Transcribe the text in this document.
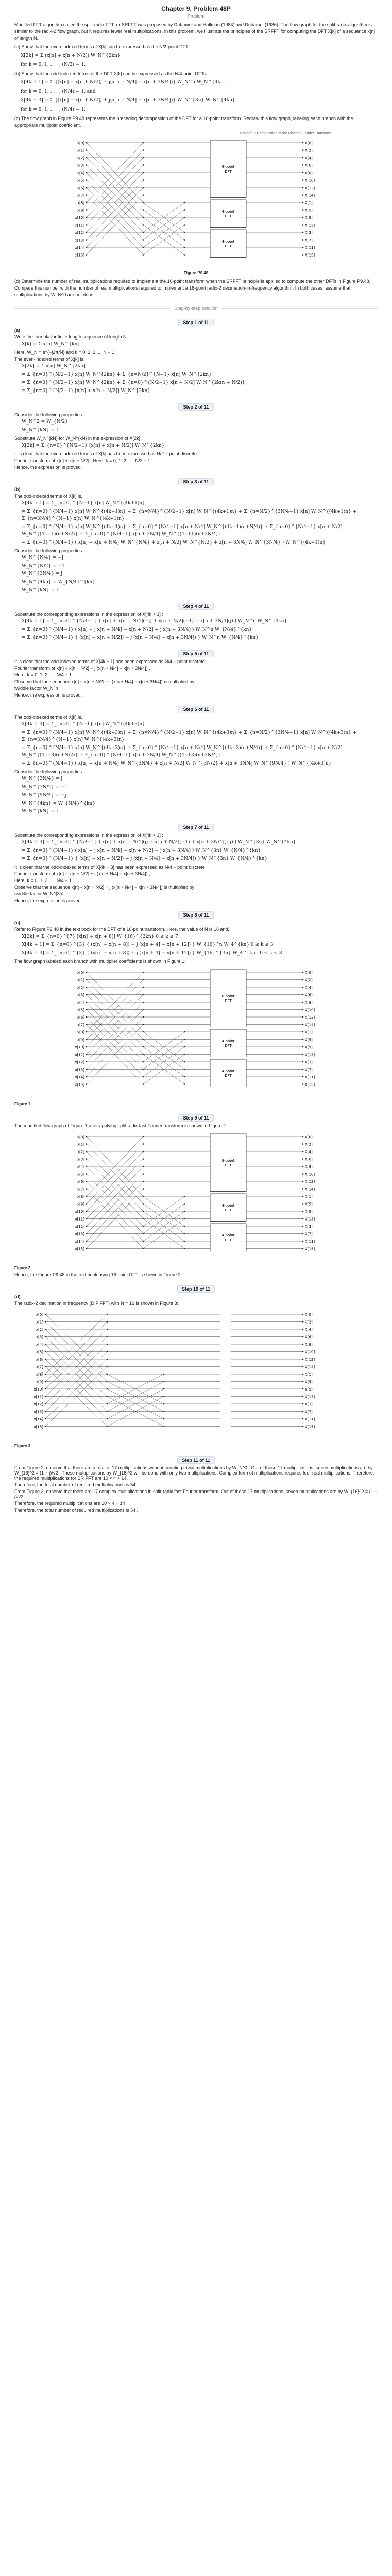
Chapter 9, Problem 48P
Problem

Modified FFT algorithm called the split-radix FFT, or SRFFT was proposed by Duhamel and Hollman (1984) and Duhamel (1986). The flow graph for the split-radix algorithm is similar to the radix-2 flow graph, but it requires fewer real multiplications. In this problem, we illustrate the principles of the SRFFT for computing the DFT X[k] of a sequence x[n] of length N.

(a) Show that the even-indexed terms of X[k] can be expressed as the N/2-point DFT

X[2k] = Σ (x[n] + x[n + N/2]) W_N^{2kn}
for k = 0, 1, . . . , (N/2) − 1.

(b) Show that the odd-indexed terms of the DFT X[k] can be expressed as the N/4-point DFTs

X[4k + 1] = Σ {(x[n] − x[n + N/2]) − j(x[n + N/4] − x[n + 3N/4])} W_N^n W_N^{4kn}
for k = 0, 1, . . . , (N/4) − 1, and
X[4k + 3] = Σ {(x[n] − x[n + N/2]) + j(x[n + N/4] − x[n + 3N/4])} W_N^{3n} W_N^{4kn}
for k = 0, 1, . . . , (N/4) − 1.

(c) The flow graph in Figure P9.48 represents the preceding decomposition of the DFT for a 16-point transform. Redraw this flow graph, labeling each branch with the appropriate multiplier coefficient.

Chapter 9 Computation of the Discrete Fourier Transform
x[0]
x[1]
x[2]
x[3]
x[4]
x[5]
x[6]
x[7]
x[8]
x[9]
x[10]
x[11]
x[12]
x[13]
x[14]
x[15]
8-point
DFT
4-point
DFT
4-point
DFT
X[0]
X[2]
X[4]
X[6]
X[8]
X[10]
X[12]
X[14]
X[1]
X[5]
X[9]
X[13]
X[3]
X[7]
X[11]
X[15]
Figure P9.48

(d) Determine the number of real multiplications required to implement the 16-point transform when the SRFFT principle is applied to compute the other DFTs in Figure P9.48. Compare this number with the number of real multiplications required to implement a 16-point radix-2 decimation-in-frequency algorithm. In both cases, assume that multiplications by W_N^0 are not done.

Step-by-step solution
Step 1 of 11
(a)
Write the formula for finite length sequence of length N:
X[k] = Σ x[n] W_N^{kn}
Here, W_N = e^{−j2π/N} and k = 0, 1, 2, ... N − 1
The even-indexed terms of X[k] is,
X[2k] = Σ x[n] W_N^{2kn}
= Σ_{n=0}^{N/2−1} x[n] W_N^{2kn} + Σ_{n=N/2}^{N−1} x[n] W_N^{2kn}
= Σ_{n=0}^{N/2−1} x[n] W_N^{2kn} + Σ_{n=0}^{N/2−1} x[n + N/2] W_N^{2k(n + N/2)}
= Σ_{n=0}^{N/2−1} [x[n] + x[n + N/2]] W_N^{2kn}
Step 2 of 11
Consider the following properties:
W_N^2 = W_{N/2}
W_N^{kN} = 1
Substitute W_N^{kN} for W_N^{kN} in the expression of X[2k] :
X[2k] = Σ_{n=0}^{N/2−1} [x[n] + x[n + N/2]] W_N^{2kn}
It is clear that the even-indexed terms of X[k] has been expressed as N/2 − point discrete
Fourier transform of x[n] + x[n + N/2] , Here, k = 0, 1, 2, ..., N/2 − 1
Hence, the expression is proved.
Step 3 of 11
(b)
The odd-indexed terms of X[k] is,
X[4k + 1] = Σ_{n=0}^{N−1} x[n] W_N^{(4k+1)n}
= Σ_{n=0}^{N/4−1} x[n] W_N^{(4k+1)n} + Σ_{n=N/4}^{N/2−1} x[n] W_N^{(4k+1)n} + Σ_{n=N/2}^{3N/4−1} x[n] W_N^{(4k+1)n} + Σ_{n=3N/4}^{N−1} x[n] W_N^{(4k+1)n}
= Σ_{n=0}^{N/4−1} x[n] W_N^{(4k+1)n} + Σ_{n=0}^{N/4−1} x[n + N/4] W_N^{(4k+1)(n+N/4)} + Σ_{n=0}^{N/4−1} x[n + N/2] W_N^{(4k+1)(n+N/2)} + Σ_{n=0}^{N/4−1} x[n + 3N/4] W_N^{(4k+1)(n+3N/4)}
= Σ_{n=0}^{N/4−1} ( x[n] + x[n + N/4] W_N^{N/4} + x[n + N/2] W_N^{N/2} + x[n + 3N/4] W_N^{3N/4} ) W_N^{(4k+1)n}
Consider the following properties:
W_N^{N/4} = −j
W_N^{N/2} = −1
W_N^{3N/4} = j
W_N^{4kn} = W_{N/4}^{kn}
W_N^{kN} = 1
Step 4 of 11
Substitute the corresponding expressions in the expression of X[4k + 1] :
X[4k + 1] = Σ_{n=0}^{N/4−1} ( x[n] + x[n + N/4](−j) + x[n + N/2](−1) + x[n + 3N/4](j) ) W_N^n W_N^{4kn}
= Σ_{n=0}^{N/4−1} ( x[n] − j x[n + N/4] − x[n + N/2] + j x[n + 3N/4] ) W_N^n W_{N/4}^{kn}
= Σ_{n=0}^{N/4−1} { (x[n] − x[n + N/2]) − j (x[n + N/4] − x[n + 3N/4]) } W_N^n W_{N/4}^{kn}
Step 5 of 11
It is clear that the odd-indexed terms of X[4k + 1] has been expressed as N/4 − point discrete
Fourier transform of x[n] − x[n + N/2] − j (x[n + N/4] − x[n + 3N/4]) ,
Here, k = 0, 1, 2, ..., N/4 − 1
Observe that the sequence x[n] − x[n + N/2] − j (x[n + N/4] − x[n + 3N/4]) is multiplied by
twiddle factor W_N^n
Hence, the expression is proved.
Step 6 of 11
The odd-indexed terms of X[k] is,
X[4k + 3] = Σ_{n=0}^{N−1} x[n] W_N^{(4k+3)n}
= Σ_{n=0}^{N/4−1} x[n] W_N^{(4k+3)n} + Σ_{n=N/4}^{N/2−1} x[n] W_N^{(4k+3)n} + Σ_{n=N/2}^{3N/4−1} x[n] W_N^{(4k+3)n} + Σ_{n=3N/4}^{N−1} x[n] W_N^{(4k+3)n}
= Σ_{n=0}^{N/4−1} x[n] W_N^{(4k+3)n} + Σ_{n=0}^{N/4−1} x[n + N/4] W_N^{(4k+3)(n+N/4)} + Σ_{n=0}^{N/4−1} x[n + N/2] W_N^{(4k+3)(n+N/2)} + Σ_{n=0}^{N/4−1} x[n + 3N/4] W_N^{(4k+3)(n+3N/4)}
= Σ_{n=0}^{N/4−1} ( x[n] + x[n + N/4] W_N^{3N/4} + x[n + N/2] W_N^{3N/2} + x[n + 3N/4] W_N^{9N/4} ) W_N^{(4k+3)n}
Consider the following properties:
W_N^{3N/4} = j
W_N^{3N/2} = −1
W_N^{9N/4} = −j
W_N^{4kn} = W_{N/4}^{kn}
W_N^{kN} = 1
Step 7 of 11
Substitute the corresponding expressions in the expression of X[4k + 3] :
X[4k + 3] = Σ_{n=0}^{N/4−1} ( x[n] + x[n + N/4](j) + x[n + N/2](−1) + x[n + 3N/4](−j) ) W_N^{3n} W_N^{4kn}
= Σ_{n=0}^{N/4−1} ( x[n] + j x[n + N/4] − x[n + N/2] − j x[n + 3N/4] ) W_N^{3n} W_{N/4}^{kn}
= Σ_{n=0}^{N/4−1} { (x[n] − x[n + N/2]) + j (x[n + N/4] − x[n + 3N/4]) } W_N^{3n} W_{N/4}^{kn}
It is clear that the odd-indexed terms of X[4k + 3] has been expressed as N/4 − point discrete
Fourier transform of x[n] − x[n + N/2] + j (x[n + N/4] − x[n + 3N/4]) ,
Here, k = 0, 1, 2, ..., N/4 − 1
Observe that the sequence x[n] − x[n + N/2] + j (x[n + N/4] − x[n + 3N/4]) is multiplied by
twiddle factor W_N^{3n}
Hence, the expression is proved.
Step 8 of 11
(c)
Refer to Figure P9.48 in the text book for the DFT of a 16-point transform. Here, the value of N is 16 and,
X[2k] = Σ_{n=0}^{7} [x[n] + x[n + 8]] W_{16}^{2kn} 0 ≤ k ≤ 7
X[4k + 1] = Σ_{n=0}^{3} { (x[n] − x[n + 8]) − j (x[n + 4] − x[n + 12]) } W_{16}^n W_4^{kn} 0 ≤ k ≤ 3
X[4k + 3] = Σ_{n=0}^{3} { (x[n] − x[n + 8]) + j (x[n + 4] − x[n + 12]) } W_{16}^{3n} W_4^{kn} 0 ≤ k ≤ 3
The flow graph labeled each branch with multiplier coefficients is shown in Figure 1:
x[0]
x[1]
x[2]
x[3]
x[4]
x[5]
x[6]
x[7]
x[8]
x[9]
x[10]
x[11]
x[12]
x[13]
x[14]
x[15]
8-point
DFT
4-point
DFT
4-point
DFT
X[0]
X[2]
X[4]
X[6]
X[8]
X[10]
X[12]
X[14]
X[1]
X[5]
X[9]
X[13]
X[3]
X[7]
X[11]
X[15]
Figure 1
Step 9 of 11
The modified flow graph of Figure 1 after applying split-radix fast Fourier transform is shown in Figure 2:
x[0]
x[1]
x[2]
x[3]
x[4]
x[5]
x[6]
x[7]
x[8]
x[9]
x[10]
x[11]
x[12]
x[13]
x[14]
x[15]
8-point
DFT
4-point
DFT
4-point
DFT
X[0]
X[2]
X[4]
X[6]
X[8]
X[10]
X[12]
X[14]
X[1]
X[5]
X[9]
X[13]
X[3]
X[7]
X[11]
X[15]
Figure 2
Hence, the Figure P9.48 in the text book using 16-point DFT is shown in Figure 2.
Step 10 of 11
(d)
The radix-2 decimation in frequency (DIF FFT) with N = 16 is shown in Figure 3:
x[0]
x[1]
x[2]
x[3]
x[4]
x[5]
x[6]
x[7]
x[8]
x[9]
x[10]
x[11]
x[12]
x[13]
x[14]
x[15]
X[0]
X[2]
X[4]
X[6]
X[8]
X[10]
X[12]
X[14]
X[1]
X[5]
X[9]
X[13]
X[3]
X[7]
X[11]
X[15]
Figure 3
Step 11 of 11
From Figure 2, observe that there are a total of 17 multiplications without counting trivial multiplications by W_N^0 . Out of these 17 multiplications, seven multiplications are by W_{16}^2 = (1 − j)/√2 . These multiplications by W_{16}^2 will be done with only two multiplications. Complex form of multiplications requires four real multiplications. Therefore, the required multiplications for SR FFT are 10 × 4 + 14.
Therefore, the total number of required multiplications is 54 .
From Figure 3, observe that there are 17 complex multiplications in split-radix fast Fourier transform. Out of these 17 multiplications, seven multiplications are by W_{16}^2 = (1 − j)/√2 .
Therefore, the required multiplications are 10 × 4 + 14 .
Therefore, the total number of required multiplications is 54 .
